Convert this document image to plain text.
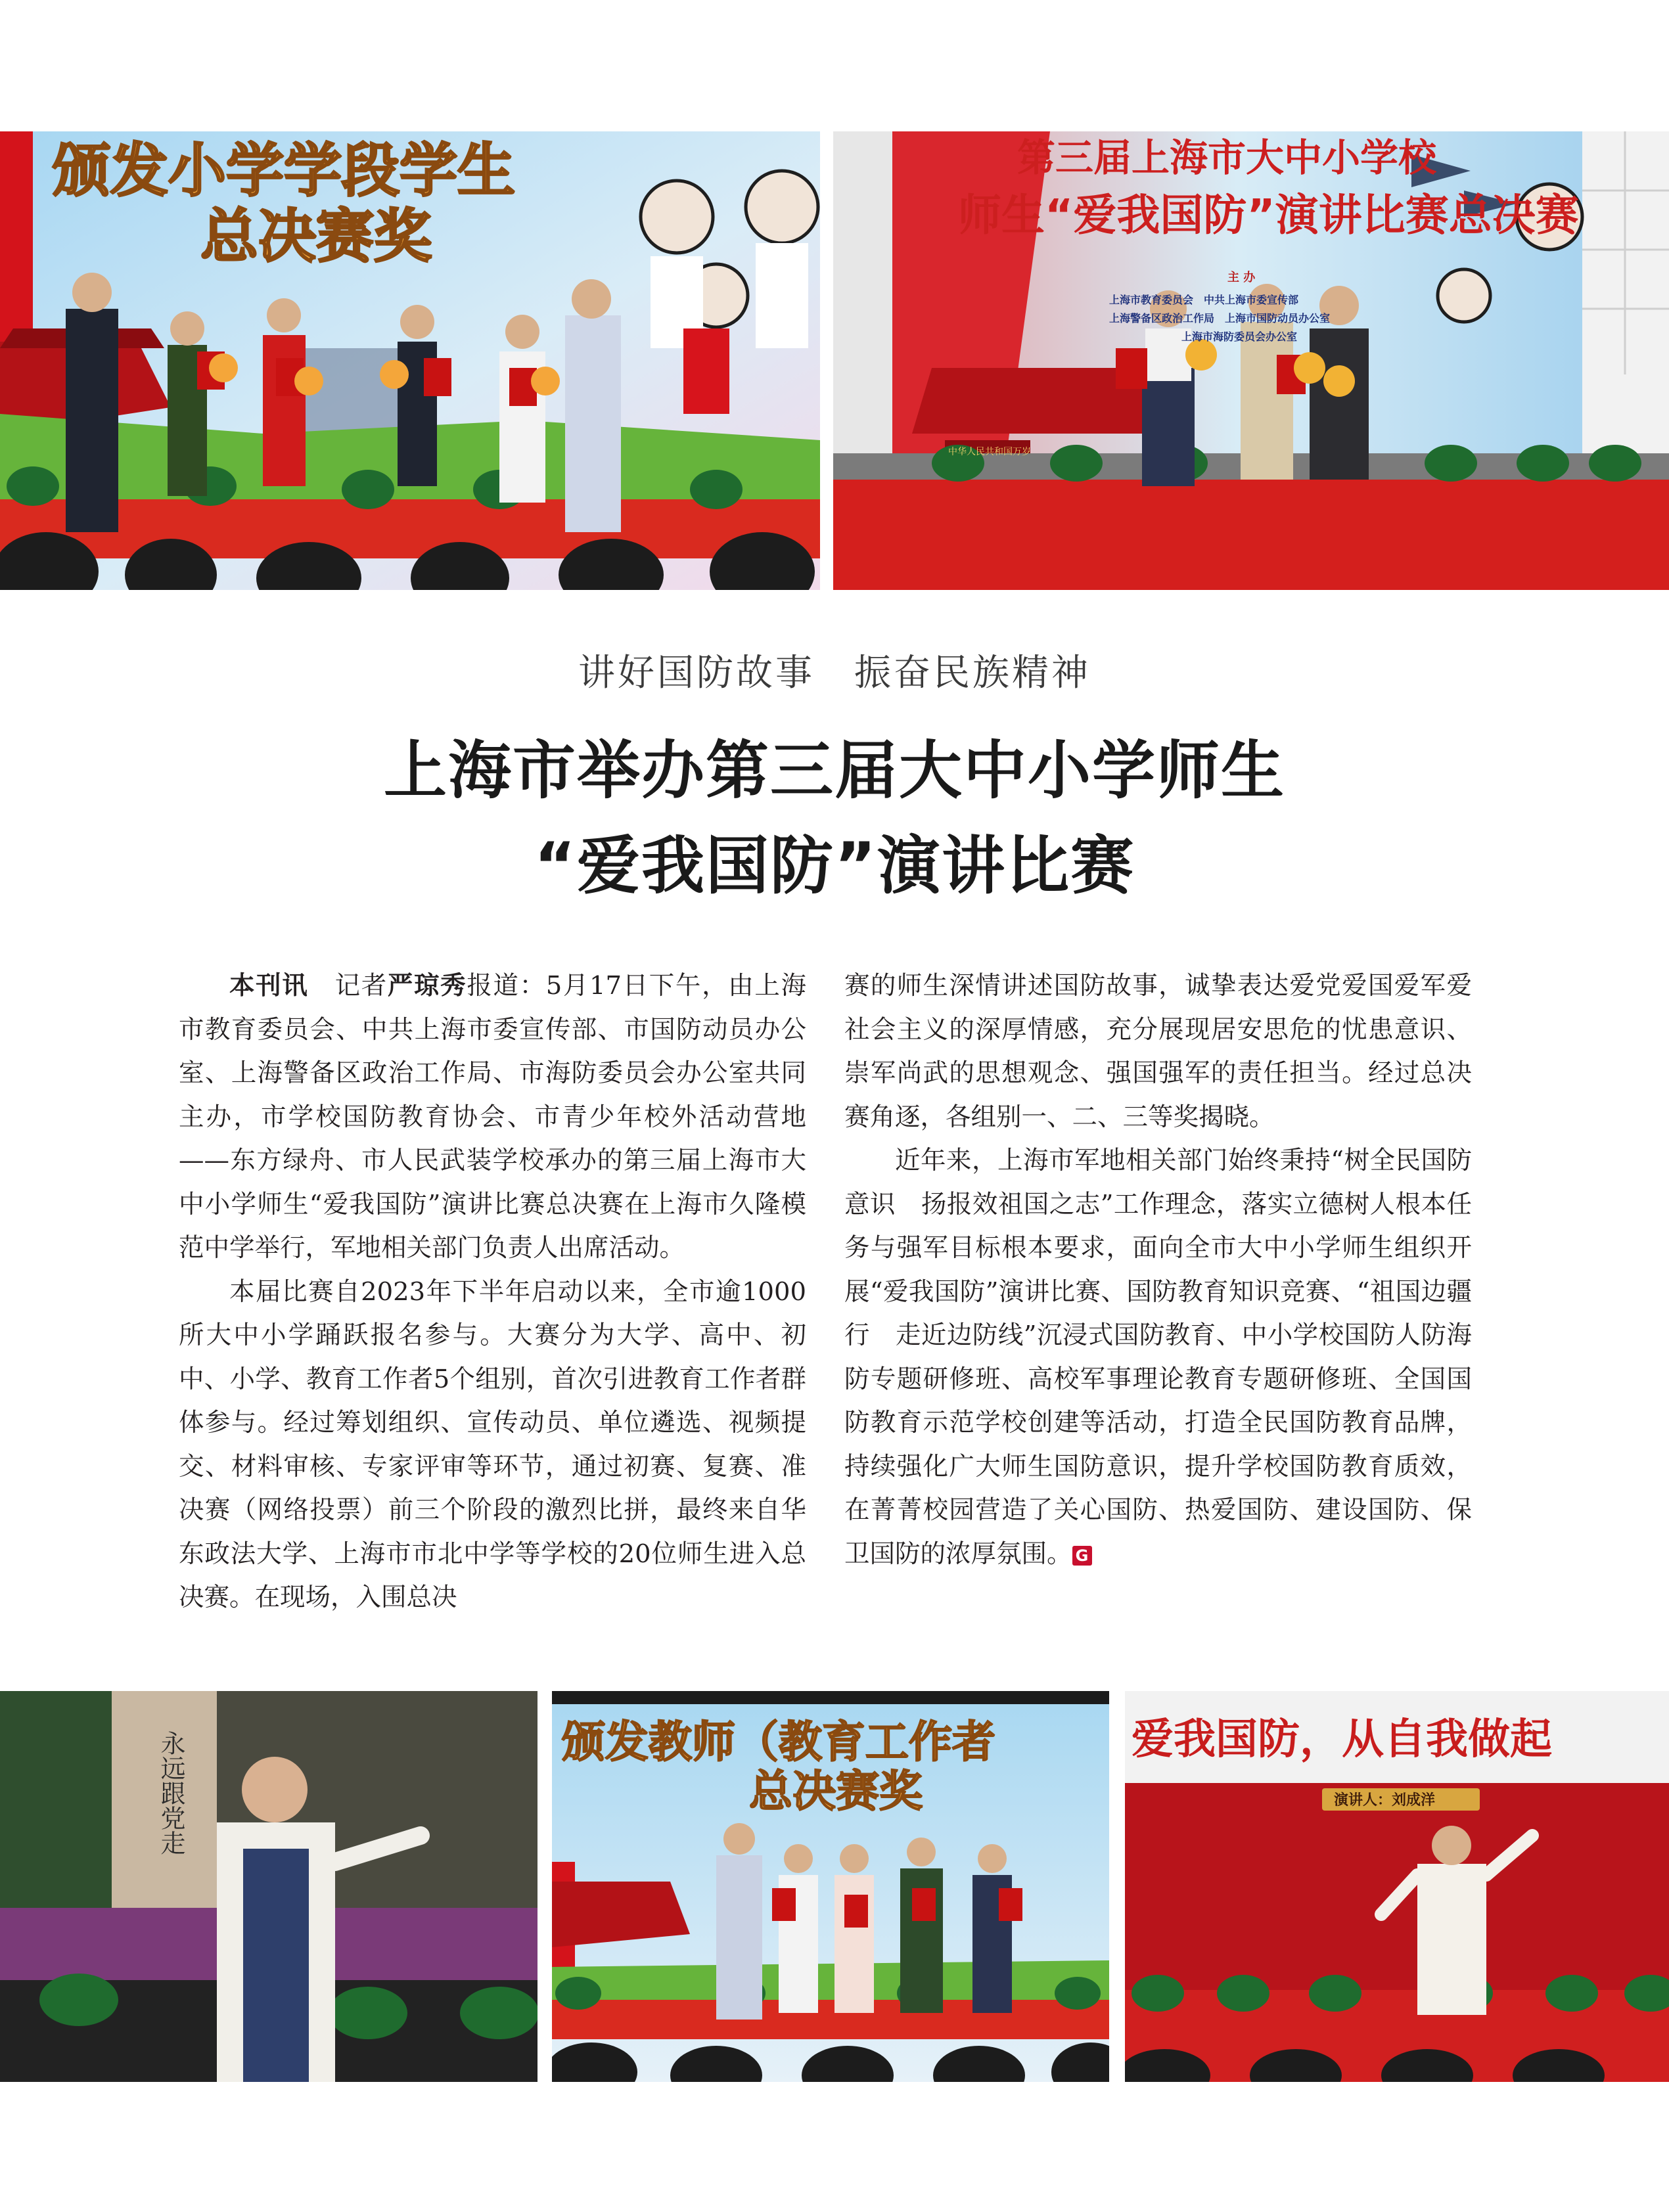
颁发小学学段学生
总决赛奖
第三届上海市大中小学校
师生“爱我国防”演讲比赛总决赛
主 办
上海市教育委员会　中共上海市委宣传部
上海警备区政治工作局　上海市国防动员办公室
上海市海防委员会办公室
中华人民共和国万岁
讲好国防故事　振奋民族精神
上海市举办第三届大中小学师生
“爱我国防”演讲比赛

本刊讯　记者严琼秀报道：5月17日下午，由上海市教育委员会、中共上海市委宣传部、市国防动员办公室、上海警备区政治工作局、市海防委员会办公室共同主办，市学校国防教育协会、市青少年校外活动营地——东方绿舟、市人民武装学校承办的第三届上海市大中小学师生“爱我国防”演讲比赛总决赛在上海市久隆模范中学举行，军地相关部门负责人出席活动。

本届比赛自2023年下半年启动以来，全市逾1000所大中小学踊跃报名参与。大赛分为大学、高中、初中、小学、教育工作者5个组别，首次引进教育工作者群体参与。经过筹划组织、宣传动员、单位遴选、视频提交、材料审核、专家评审等环节，通过初赛、复赛、准决赛（网络投票）前三个阶段的激烈比拼，最终来自华东政法大学、上海市市北中学等学校的20位师生进入总决赛。在现场，入围总决

赛的师生深情讲述国防故事，诚挚表达爱党爱国爱军爱社会主义的深厚情感，充分展现居安思危的忧患意识、崇军尚武的思想观念、强国强军的责任担当。经过总决赛角逐，各组别一、二、三等奖揭晓。

近年来，上海市军地相关部门始终秉持“树全民国防意识　扬报效祖国之志”工作理念，落实立德树人根本任务与强军目标根本要求，面向全市大中小学师生组织开展“爱我国防”演讲比赛、国防教育知识竞赛、“祖国边疆行　走近边防线”沉浸式国防教育、中小学校国防人防海防专题研修班、高校军事理论教育专题研修班、全国国防教育示范学校创建等活动，打造全民国防教育品牌，持续强化广大师生国防意识，提升学校国防教育质效，在菁菁校园营造了关心国防、热爱国防、建设国防、保卫国防的浓厚氛围。 G

永远跟党走	颁发教师（教育工作者
总决赛奖
爱我国防，从自我做起
演讲人：刘成洋
